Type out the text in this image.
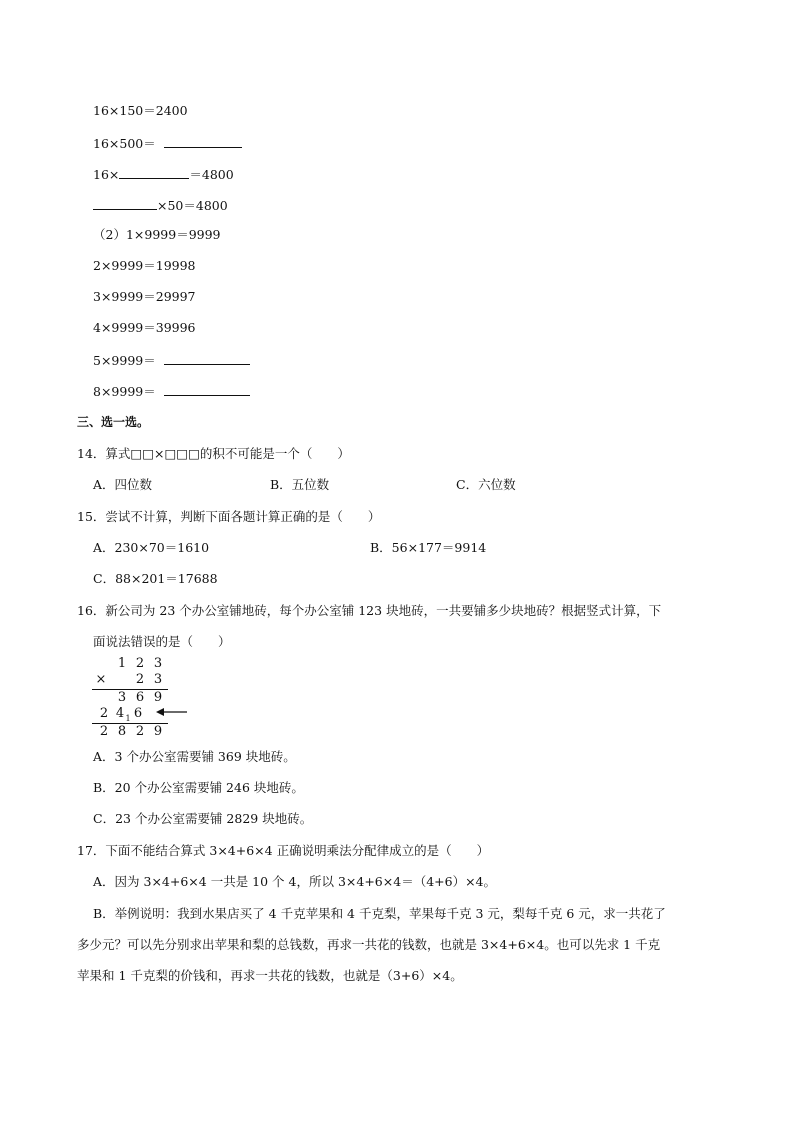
16×150＝2400
16×500＝
16×	＝4800
×50＝4800
（2）1×9999＝9999
2×9999＝19998
3×9999＝29997
4×9999＝39996
5×9999＝
8×9999＝
三、选一选。
14．算式□□×□□□的积不可能是一个（　　）
A．四位数	B．五位数	C．六位数
15．尝试不计算，判断下面各题计算正确的是（　　）
A．230×70＝1610	B．56×177＝9914
C．88×201＝17688
16．新公司为 23 个办公室铺地砖，每个办公室铺 123 块地砖，一共要铺多少块地砖？根据竖式计算，下
面说法错误的是（　　）
1 2 3
× 2 3
3 6 9
2 4 1 6
2 8 2 9
A．3 个办公室需要铺 369 块地砖。
B．20 个办公室需要铺 246 块地砖。
C．23 个办公室需要铺 2829 块地砖。
17．下面不能结合算式 3×4+6×4 正确说明乘法分配律成立的是（　　）
A．因为 3×4+6×4 一共是 10 个 4，所以 3×4+6×4＝（4+6）×4。
B．举例说明：我到水果店买了 4 千克苹果和 4 千克梨，苹果每千克 3 元，梨每千克 6 元，求一共花了
多少元？可以先分别求出苹果和梨的总钱数，再求一共花的钱数，也就是 3×4+6×4。也可以先求 1 千克
苹果和 1 千克梨的价钱和，再求一共花的钱数，也就是（3+6）×4。
